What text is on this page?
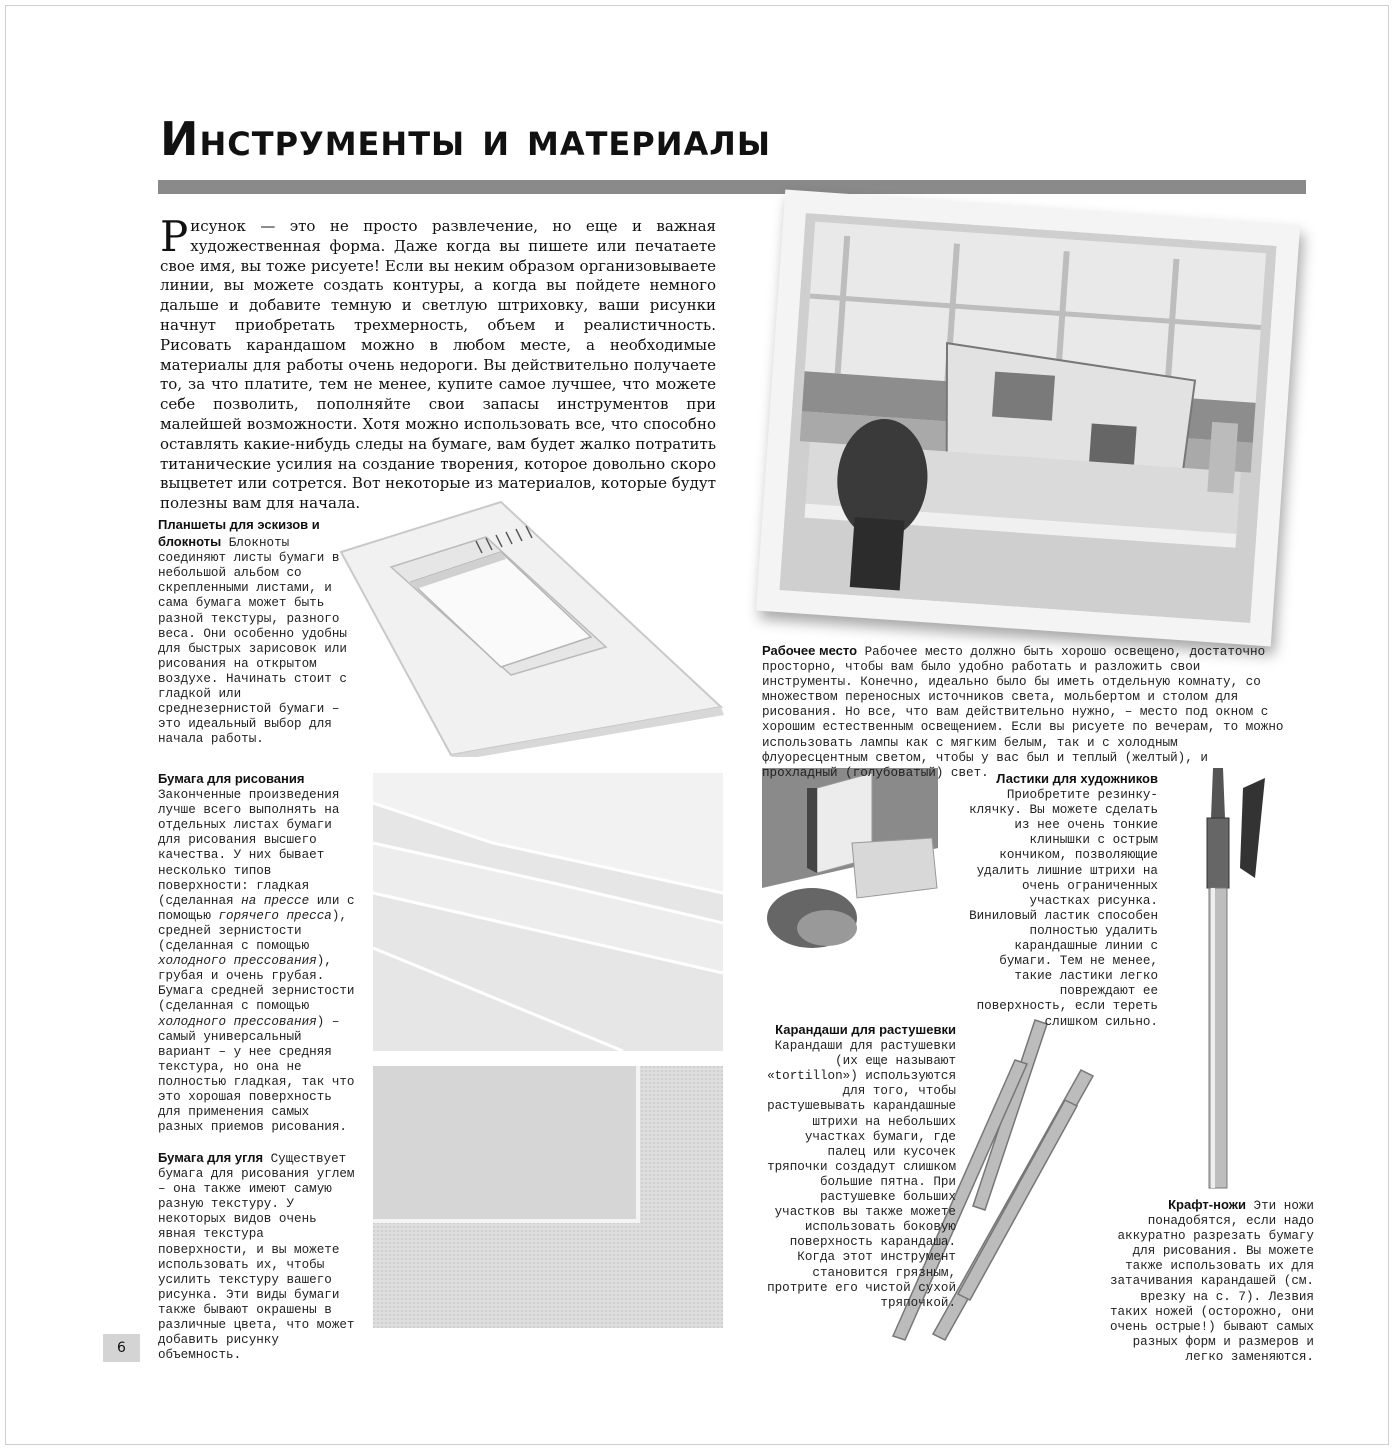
Инструменты и материалы

Рисунок — это не просто развлечение, но еще и важная художественная форма. Даже когда вы пишете или печатаете свое имя, вы тоже рисуете! Если вы неким образом организовываете линии, вы можете создать контуры, а когда вы пойдете немного дальше и добавите темную и светлую штриховку, ваши рисунки начнут приобретать трехмерность, объем и реалистичность. Рисовать карандашом можно в любом месте, а необходимые материалы для работы очень недороги. Вы действительно получаете то, за что платите, тем не менее, купите самое лучшее, что можете себе позволить, пополняйте свои запасы инструментов при малейшей возможности. Хотя можно использовать все, что способно оставлять какие-нибудь следы на бумаге, вам будет жалко потратить титанические усилия на создание творения, которое довольно скоро выцветет или сотрется. Вот некоторые из материалов, которые будут полезны вам для начала.

Планшеты для эскизов и блокноты Блокноты соединяют листы бумаги в небольшой альбом со скрепленными листами, и сама бумага может быть разной текстуры, разного веса. Они особенно удобны для быстрых зарисовок или рисования на открытом воздухе. Начинать стоит с гладкой или среднезернистой бумаги – это идеальный выбор для начала работы.

Рабочее место Рабочее место должно быть хорошо освещено, достаточно просторно, чтобы вам было удобно работать и разложить свои инструменты. Конечно, идеально было бы иметь отдельную комнату, со множеством переносных источников света, мольбертом и столом для рисования. Но все, что вам действительно нужно, – место под окном с хорошим естественным освещением. Если вы рисуете по вечерам, то можно использовать лампы как с мягким белым, так и с холодным флуоресцентным светом, чтобы у вас был и теплый (желтый), и прохладный (голубоватый) свет.

Бумага для рисования
Законченные произведения лучше всего выполнять на отдельных листах бумаги для рисования высшего качества. У них бывает несколько типов поверхности: гладкая (сделанная на прессе или с помощью горячего пресса), средней зернистости (сделанная с помощью холодного прессования), грубая и очень грубая. Бумага средней зернистости (сделанная с помощью холодного прессования) – самый универсальный вариант – у нее средняя текстура, но она не полностью гладкая, так что это хорошая поверхность для применения самых разных приемов рисования.

Бумага для угля Существует бумага для рисования углем – она также имеют самую разную текстуру. У некоторых видов очень явная текстура поверхности, и вы можете использовать их, чтобы усилить текстуру вашего рисунка. Эти виды бумаги также бывают окрашены в различные цвета, что может добавить рисунку объемность.

Ластики для художников
Приобретите резинку-клячку. Вы можете сделать из нее очень тонкие клинышки с острым кончиком, позволяющие удалить лишние штрихи на очень ограниченных участках рисунка. Виниловый ластик способен полностью удалить карандашные линии с бумаги. Тем не менее, такие ластики легко повреждают ее поверхность, если тереть слишком сильно.

Карандаши для растушевки Карандаши для растушевки (их еще называют «tortillon») используются для того, чтобы растушевывать карандашные штрихи на небольших участках бумаги, где палец или кусочек тряпочки создадут слишком большие пятна. При растушевке больших участков вы также можете использовать боковую поверхность карандаша. Когда этот инструмент становится грязным, протрите его чистой сухой тряпочкой.

Крафт-ножи Эти ножи понадобятся, если надо аккуратно разрезать бумагу для рисования. Вы можете также использовать их для затачивания карандашей (см. врезку на с. 7). Лезвия таких ножей (осторожно, они очень острые!) бывают самых разных форм и размеров и легко заменяются.

6
